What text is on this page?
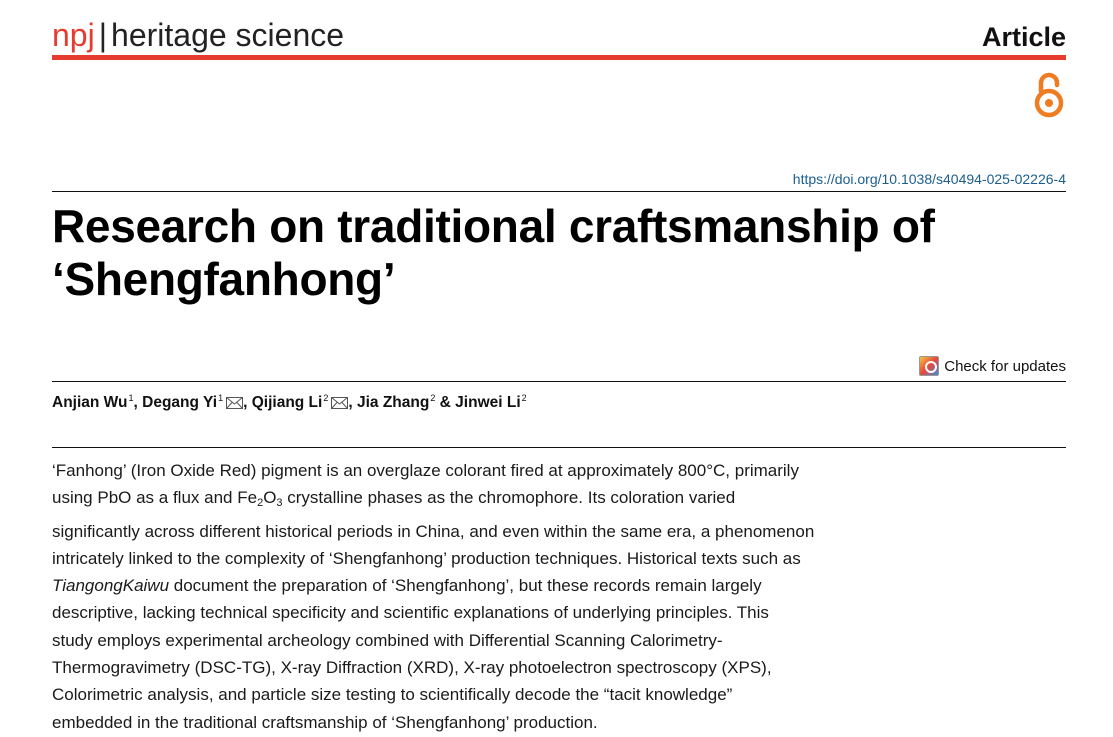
npj | heritage science	Article
https://doi.org/10.1038/s40494-025-02226-4
Research on traditional craftsmanship of
‘Shengfanhong’
Check for updates
Anjian Wu$^1$, Degang Yi$^1$ , Qijiang Li$^2$ , Jia Zhang$^2$ & Jinwei Li$^2$

‘Fanhong’ (Iron Oxide Red) pigment is an overglaze colorant fired at approximately 800°C, primarily
using PbO as a flux and $Fe_2O_3$ crystalline phases as the chromophore. Its coloration varied
significantly across different historical periods in China, and even within the same era, a phenomenon
intricately linked to the complexity of ‘Shengfanhong’ production techniques. Historical texts such as
TiangongKaiwu document the preparation of ‘Shengfanhong’, but these records remain largely
descriptive, lacking technical specificity and scientific explanations of underlying principles. This
study employs experimental archeology combined with Differential Scanning Calorimetry-
Thermogravimetry (DSC-TG), X-ray Diffraction (XRD), X-ray photoelectron spectroscopy (XPS),
Colorimetric analysis, and particle size testing to scientifically decode the “tacit knowledge”
embedded in the traditional craftsmanship of ‘Shengfanhong’ production.
